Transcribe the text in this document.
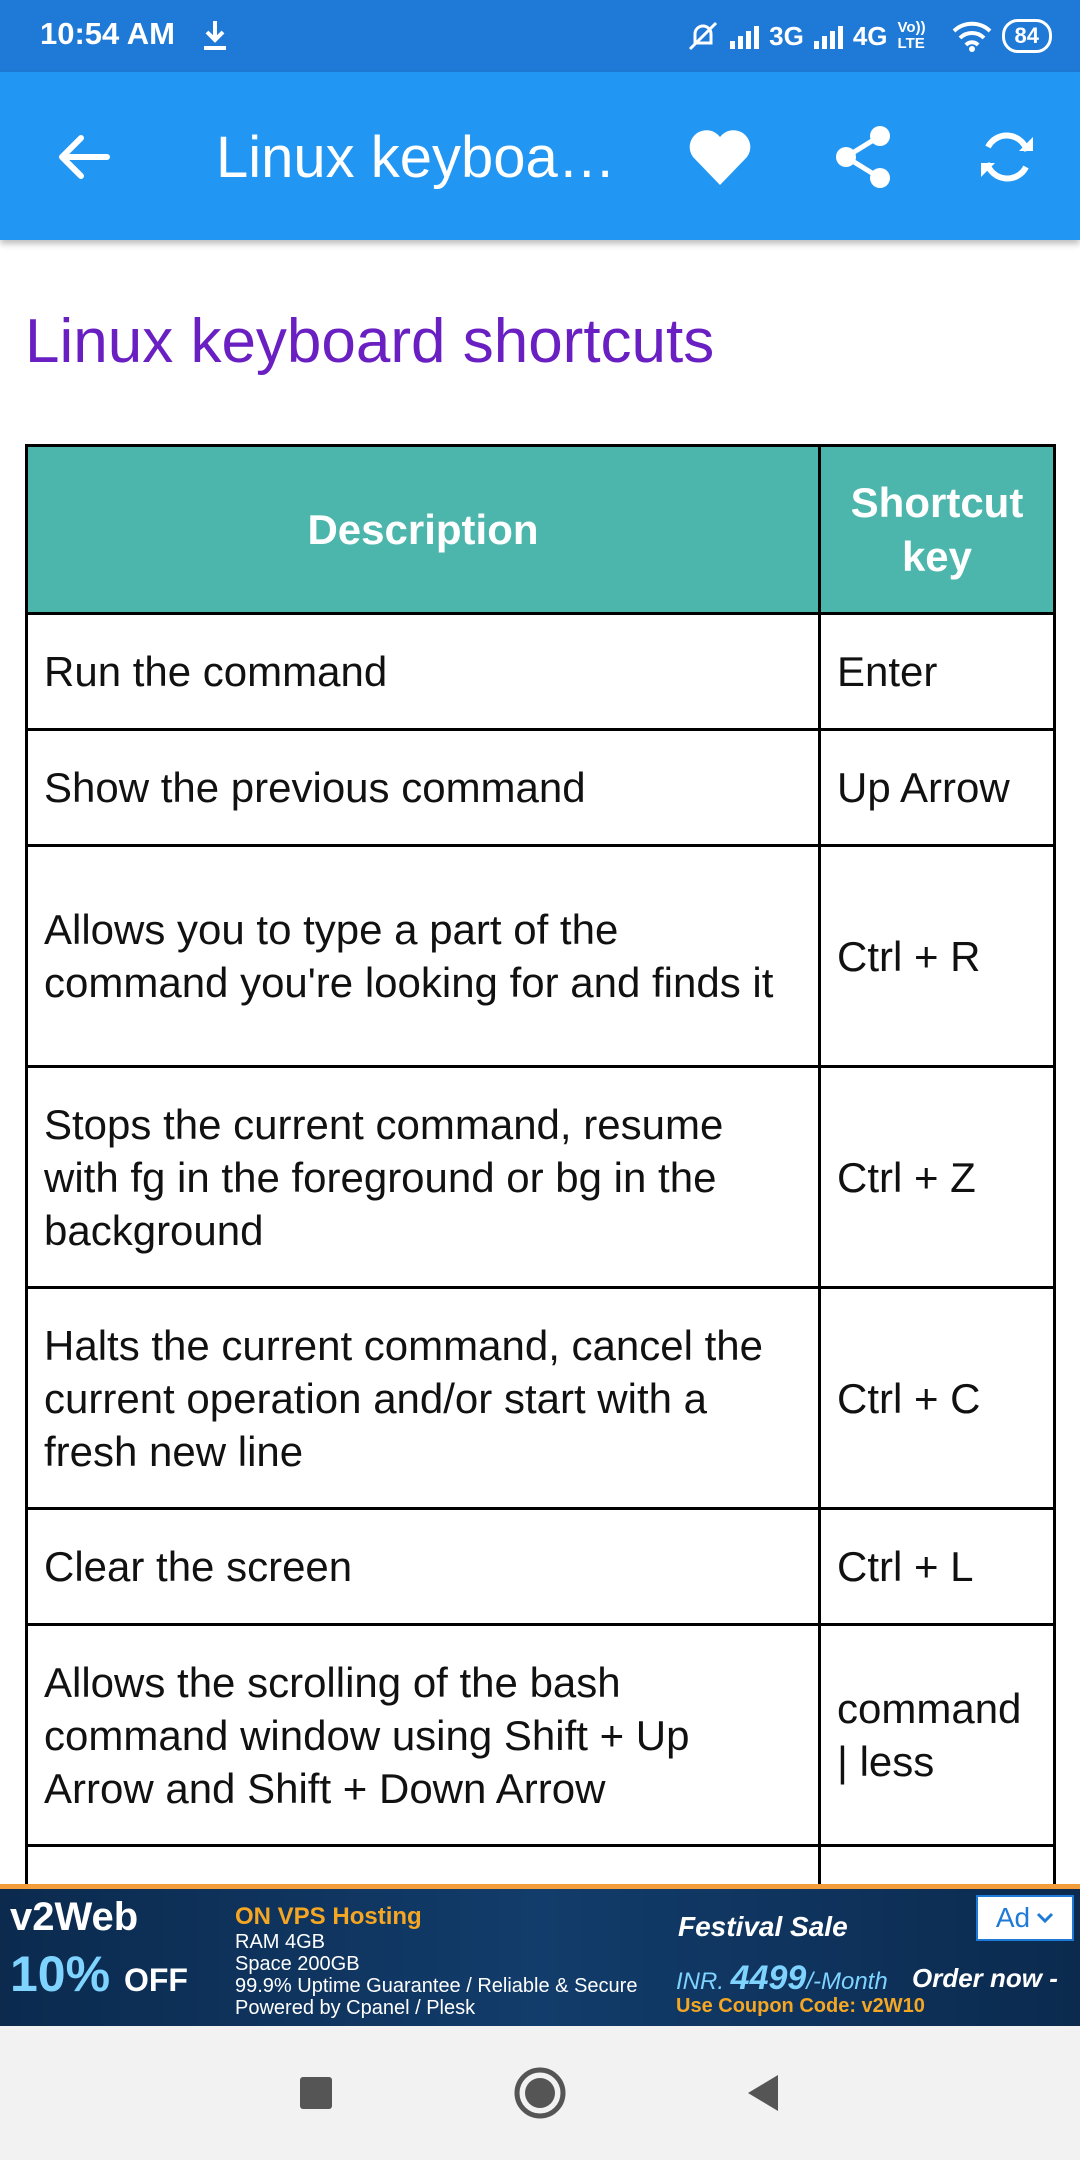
10:54 AM	3G 4G Vo)) LTE	84
Linux keyboa…
Linux keyboard shortcuts
Description	Shortcut key
Run the command	Enter
Show the previous command	Up Arrow
Allows you to type a part of the command you're looking for and finds it	Ctrl + R
Stops the current command, resume with fg in the foreground or bg in the background	Ctrl + Z
Halts the current command, cancel the current operation and/or start with a fresh new line	Ctrl + C
Clear the screen	Ctrl + L
Allows the scrolling of the bash command window using Shift + Up Arrow and Shift + Down Arrow	command | less

v2Web
10% OFF
ON VPS Hosting
RAM 4GB
Space 200GB
99.9% Uptime Guarantee / Reliable & Secure
Powered by Cpanel / Plesk
Festival Sale
INR. 4499/-Month Order now -
Use Coupon Code: v2W10
Ad
